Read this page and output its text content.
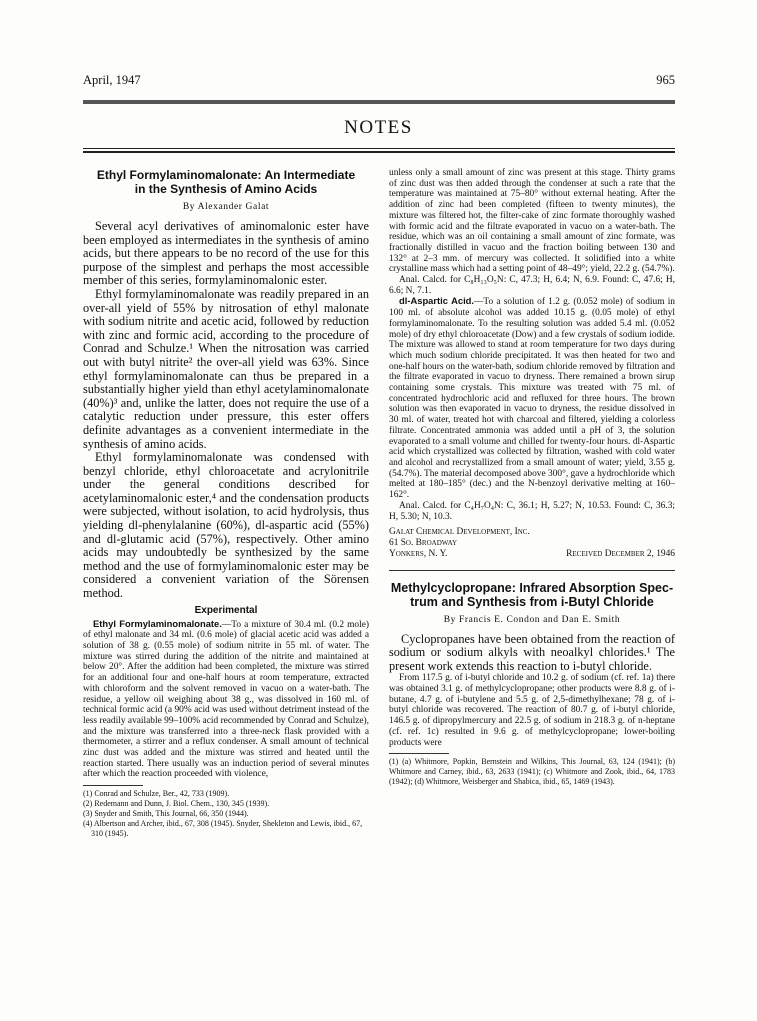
April, 1947	965
NOTES
Ethyl Formylaminomalonate: An Intermediate
in the Synthesis of Amino Acids
By Alexander Galat

Several acyl derivatives of aminomalonic ester have been employed as intermediates in the synthesis of amino acids, but there appears to be no record of the use for this purpose of the simplest and perhaps the most accessible member of this series, formylaminomalonic ester.

Ethyl formylaminomalonate was readily prepared in an over-all yield of 55% by nitrosation of ethyl malonate with sodium nitrite and acetic acid, followed by reduction with zinc and formic acid, according to the procedure of Conrad and Schulze.¹ When the nitrosation was carried out with butyl nitrite² the over-all yield was 63%. Since ethyl formylaminomalonate can thus be prepared in a substantially higher yield than ethyl acetylaminomalonate (40%)³ and, unlike the latter, does not require the use of a catalytic reduction under pressure, this ester offers definite advantages as a convenient intermediate in the synthesis of amino acids.

Ethyl formylaminomalonate was condensed with benzyl chloride, ethyl chloroacetate and acrylonitrile under the general conditions described for acetylaminomalonic ester,⁴ and the condensation products were subjected, without isolation, to acid hydrolysis, thus yielding dl-phenylalanine (60%), dl-aspartic acid (55%) and dl-glutamic acid (57%), respectively. Other amino acids may undoubtedly be synthesized by the same method and the use of formylaminomalonic ester may be considered a convenient variation of the Sörensen method.

Experimental

Ethyl Formylaminomalonate.—To a mixture of 30.4 ml. (0.2 mole) of ethyl malonate and 34 ml. (0.6 mole) of glacial acetic acid was added a solution of 38 g. (0.55 mole) of sodium nitrite in 55 ml. of water. The mixture was stirred during the addition of the nitrite and maintained at below 20°. After the addition had been completed, the mixture was stirred for an additional four and one-half hours at room temperature, extracted with chloroform and the solvent removed in vacuo on a water-bath. The residue, a yellow oil weighing about 38 g., was dissolved in 160 ml. of technical formic acid (a 90% acid was used without detriment instead of the less readily available 99–100% acid recommended by Conrad and Schulze), and the mixture was transferred into a three-neck flask provided with a thermometer, a stirrer and a reflux condenser. A small amount of technical zinc dust was added and the mixture was stirred and heated until the reaction started. There usually was an induction period of several minutes after which the reaction proceeded with violence,

(1) Conrad and Schulze, Ber., 42, 733 (1909).

(2) Redemann and Dunn, J. Biol. Chem., 130, 345 (1939).

(3) Snyder and Smith, This Journal, 66, 350 (1944).

(4) Albertson and Archer, ibid., 67, 308 (1945). Snyder, Shekleton and Lewis, ibid., 67, 310 (1945).

unless only a small amount of zinc was present at this stage. Thirty grams of zinc dust was then added through the condenser at such a rate that the temperature was maintained at 75–80° without external heating. After the addition of zinc had been completed (fifteen to twenty minutes), the mixture was filtered hot, the filter-cake of zinc formate thoroughly washed with formic acid and the filtrate evaporated in vacuo on a water-bath. The residue, which was an oil containing a small amount of zinc formate, was fractionally distilled in vacuo and the fraction boiling between 130 and 132° at 2–3 mm. of mercury was collected. It solidified into a white crystalline mass which had a setting point of 48–49°; yield, 22.2 g. (54.7%).

Anal. Calcd. for C₈H₁₃O₅N: C, 47.3; H, 6.4; N, 6.9. Found: C, 47.6; H, 6.6; N, 7.1.

dl-Aspartic Acid.—To a solution of 1.2 g. (0.052 mole) of sodium in 100 ml. of absolute alcohol was added 10.15 g. (0.05 mole) of ethyl formylaminomalonate. To the resulting solution was added 5.4 ml. (0.052 mole) of dry ethyl chloroacetate (Dow) and a few crystals of sodium iodide. The mixture was allowed to stand at room temperature for two days during which much sodium chloride precipitated. It was then heated for two and one-half hours on the water-bath, sodium chloride removed by filtration and the filtrate evaporated in vacuo to dryness. There remained a brown sirup containing some crystals. This mixture was treated with 75 ml. of concentrated hydrochloric acid and refluxed for three hours. The brown solution was then evaporated in vacuo to dryness, the residue dissolved in 30 ml. of water, treated hot with charcoal and filtered, yielding a colorless filtrate. Concentrated ammonia was added until a pH of 3, the solution evaporated to a small volume and chilled for twenty-four hours. dl-Aspartic acid which crystallized was collected by filtration, washed with cold water and alcohol and recrystallized from a small amount of water; yield, 3.55 g. (54.7%). The material decomposed above 300°, gave a hydrochloride which melted at 180–185° (dec.) and the N-benzoyl derivative melting at 160–162°.

Anal. Calcd. for C₄H₇O₄N: C, 36.1; H, 5.27; N, 10.53. Found: C, 36.3; H, 5.30; N, 10.3.

Galat Chemical Development, Inc.
61 So. Broadway
Yonkers, N. Y.	Received December 2, 1946
Methylcyclopropane: Infrared Absorption Spec-
trum and Synthesis from i-Butyl Chloride
By Francis E. Condon and Dan E. Smith

Cyclopropanes have been obtained from the reaction of sodium or sodium alkyls with neoalkyl chlorides.¹ The present work extends this reaction to i-butyl chloride.

From 117.5 g. of i-butyl chloride and 10.2 g. of sodium (cf. ref. 1a) there was obtained 3.1 g. of methylcyclopropane; other products were 8.8 g. of i-butane, 4.7 g. of i-butylene and 5.5 g. of 2,5-dimethylhexane; 78 g. of i-butyl chloride was recovered. The reaction of 80.7 g. of i-butyl chloride, 146.5 g. of dipropylmercury and 22.5 g. of sodium in 218.3 g. of n-heptane (cf. ref. 1c) resulted in 9.6 g. of methylcyclopropane; lower-boiling products were

(1) (a) Whitmore, Popkin, Bernstein and Wilkins, This Journal, 63, 124 (1941); (b) Whitmore and Carney, ibid., 63, 2633 (1941); (c) Whitmore and Zook, ibid., 64, 1783 (1942); (d) Whitmore, Weisberger and Shabica, ibid., 65, 1469 (1943).
